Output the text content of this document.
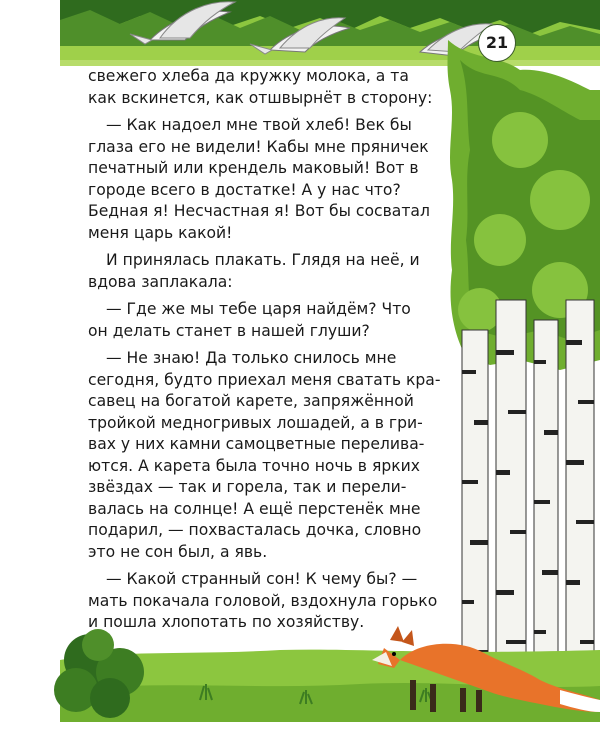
21
свежего хлеба да кружку молока, а та
как вскинется, как отшвырнёт в сторону:
— Как надоел мне твой хлеб! Век бы
глаза его не видели! Кабы мне пряничек
печатный или крендель маковый! Вот в
городе всего в достатке! А у нас что?
Бедная я! Несчастная я! Вот бы сосватал
меня царь какой!
И принялась плакать. Глядя на неё, и
вдова заплакала:
— Где же мы тебе царя найдём? Что
он делать станет в нашей глуши?
— Не знаю! Да только снилось мне
сегодня, будто приехал меня сватать кра-
савец на богатой карете, запряжённой
тройкой медногривых лошадей, а в гри-
вах у них камни самоцветные перелива-
ются. А карета была точно ночь в ярких
звёздах — так и горела, так и перели-
валась на солнце! А ещё перстенёк мне
подарил, — похвасталась дочка, словно
это не сон был, а явь.
— Какой странный сон! К чему бы? —
мать покачала головой, вздохнула горько
и пошла хлопотать по хозяйству.
